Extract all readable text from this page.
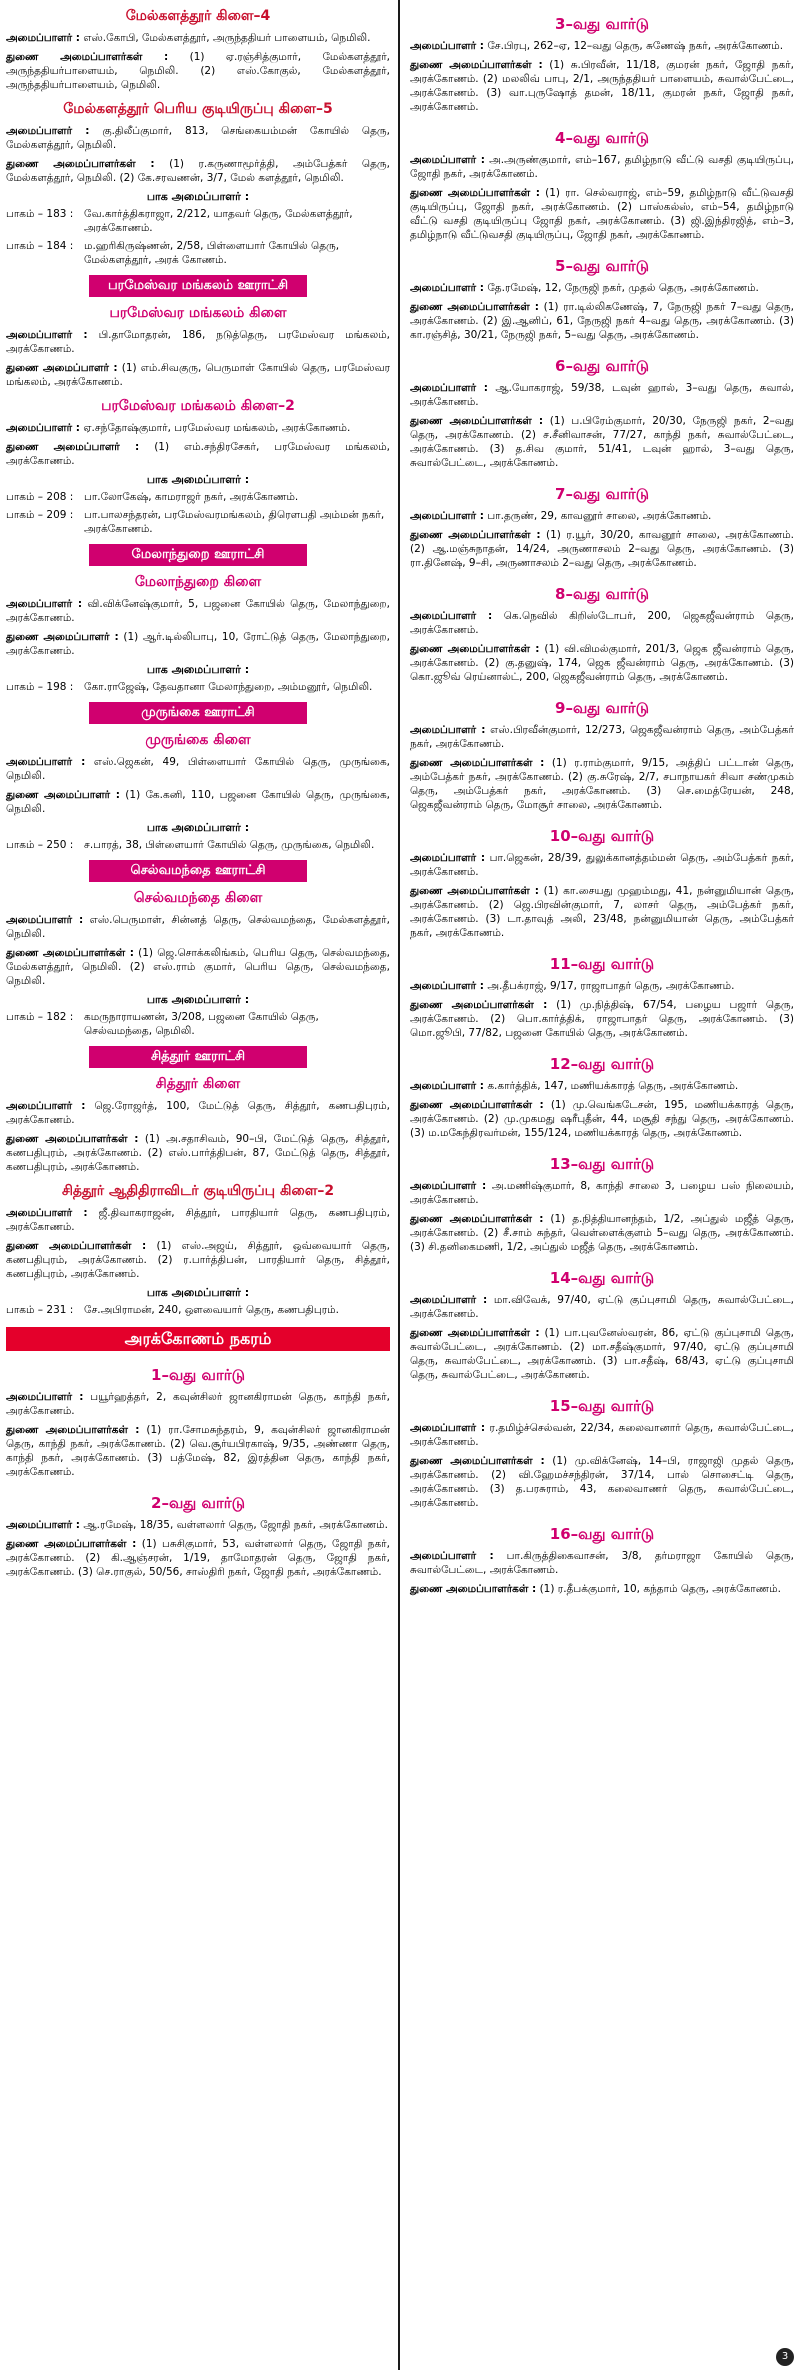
மேல்களத்தூர் கிளை–4
அமைப்பாளர் : எஸ்.கோபி, மேல்களத்தூர், அருந்ததியர் பாளையம், நெமிலி.
துணை அமைப்பாளர்கள் : (1) ஏ.ரஞ்சித்குமார், மேல்களத்தூர், அருந்ததியர்பாளையம், நெமிலி. (2) எஸ்.கோகுல், மேல்களத்தூர், அருந்ததியர்பாளையம், நெமிலி.
மேல்களத்தூர் பெரிய குடியிருப்பு கிளை–5
அமைப்பாளர் : கு.திலீப்குமார், 813, செங்கையம்மன் கோயில் தெரு, மேல்களத்தூர், நெமிலி.
துணை அமைப்பாளர்கள் : (1) ர.கருணாமூர்த்தி, அம்பேத்கர் தெரு, மேல்களத்தூர், நெமிலி. (2) கே.சரவணன், 3/7, மேல் களத்தூர், நெமிலி.
பாக அமைப்பாளர் :
பாகம் – 183 :	வே.கார்த்திகராஜா, 2/212, யாதவர் தெரு, மேல்களத்தூர், அரக்கோணம்.
பாகம் – 184 :	ம.ஹரிகிருஷ்ணன், 2/58, பிள்ளையார் கோயில் தெரு, மேல்களத்தூர், அரக் கோணம்.
பரமேஸ்வர மங்கலம் ஊராட்சி
பரமேஸ்வர மங்கலம் கிளை
அமைப்பாளர் : பி.தாமோதரன், 186, நடுத்தெரு, பரமேஸ்வர மங்கலம், அரக்கோணம்.
துணை அமைப்பாளர் : (1) எம்.சிவகுரு, பெருமாள் கோயில் தெரு, பரமேஸ்வர மங்கலம், அரக்கோணம்.
பரமேஸ்வர மங்கலம் கிளை–2
அமைப்பாளர் : ஏ.சந்தோஷ்குமார், பரமேஸ்வர மங்கலம், அரக்கோணம்.
துணை அமைப்பாளர் : (1) எம்.சந்திரசேகர், பரமேஸ்வர மங்கலம், அரக்கோணம்.
பாக அமைப்பாளர் :
பாகம் – 208 :	பா.லோகேஷ், காமராஜர் நகர், அரக்கோணம்.
பாகம் – 209 :	பா.பாலசந்தரன், பரமேஸ்வரமங்கலம், திரௌபதி அம்மன் நகர், அரக்கோணம்.
மேலாந்துறை ஊராட்சி
மேலாந்துறை கிளை
அமைப்பாளர் : வி.விக்னேஷ்குமார், 5, பஜனை கோயில் தெரு, மேலாந்துறை, அரக்கோணம்.
துணை அமைப்பாளர் : (1) ஆர்.டில்லிபாபு, 10, ரோட்டுத் தெரு, மேலாந்துறை, அரக்கோணம்.
பாக அமைப்பாளர் :
பாகம் – 198 :	கோ.ராஜேஷ், தேவதானா மேலாந்துறை, அம்மனூர், நெமிலி.
முருங்கை ஊராட்சி
முருங்கை கிளை
அமைப்பாளர் : எஸ்.ஜெகன், 49, பிள்ளையார் கோயில் தெரு, முருங்கை, நெமிலி.
துணை அமைப்பாளர் : (1) கே.கனி, 110, பஜனை கோயில் தெரு, முருங்கை, நெமிலி.
பாக அமைப்பாளர் :
பாகம் – 250 :	ச.பாரத், 38, பிள்ளையார் கோயில் தெரு, முருங்கை, நெமிலி.
செல்வமந்தை ஊராட்சி
செல்வமந்தை கிளை
அமைப்பாளர் : எஸ்.பெருமாள், சின்னத் தெரு, செல்வமந்தை, மேல்களத்தூர், நெமிலி.
துணை அமைப்பாளர்கள் : (1) ஜெ.சொக்கலிங்கம், பெரிய தெரு, செல்வமந்தை, மேல்களத்தூர், நெமிலி. (2) எஸ்.ராம் குமார், பெரிய தெரு, செல்வமந்தை, நெமிலி.
பாக அமைப்பாளர் :
பாகம் – 182 :	கமருநாராயணன், 3/208, பஜனை கோயில் தெரு, செல்வமந்தை, நெமிலி.
சித்தூர் ஊராட்சி
சித்தூர் கிளை
அமைப்பாளர் : ஜெ.ரோஜர்த், 100, மேட்டுத் தெரு, சித்தூர், கணபதிபுரம், அரக்கோணம்.
துணை அமைப்பாளர்கள் : (1) அ.சதாசிவம், 90–பி, மேட்டுத் தெரு, சித்தூர், கணபதிபுரம், அரக்கோணம். (2) எஸ்.பார்த்திபன், 87, மேட்டுத் தெரு, சித்தூர், கணபதிபுரம், அரக்கோணம்.
சித்தூர் ஆதிதிராவிடர் குடியிருப்பு கிளை–2
அமைப்பாளர் : ஜீ.திவாகராஜன், சித்தூர், பாரதியார் தெரு, கணபதிபுரம், அரக்கோணம்.
துணை அமைப்பாளர்கள் : (1) எஸ்.அஜய், சித்தூர், ஒவ்வையார் தெரு, கணபதிபுரம், அரக்கோணம். (2) ர.பார்த்திபன், பாரதியார் தெரு, சித்தூர், கணபதிபுரம், அரக்கோணம்.
பாக அமைப்பாளர் :
பாகம் – 231 :	சே.அபிராமன், 240, ஔவையார் தெரு, கணபதிபுரம்.
அரக்கோணம் நகரம்
1–வது வார்டு
அமைப்பாளர் : பயூர்ஹத்தர், 2, கவுன்சிலர் ஜானகிராமன் தெரு, காந்தி நகர், அரக்கோணம்.
துணை அமைப்பாளர்கள் : (1) ரா.சோமசுந்தரம், 9, கவுன்சிலர் ஜானகிராமன் தெரு, காந்தி நகர், அரக்கோணம். (2) வெ.சூர்யபிரகாஷ், 9/35, அண்ணா தெரு, காந்தி நகர், அரக்கோணம். (3) பத்மேஷ், 82, இரத்தின தெரு, காந்தி நகர், அரக்கோணம்.
2–வது வார்டு
அமைப்பாளர் : ஆ.ரமேஷ், 18/35, வள்ளலார் தெரு, ஜோதி நகர், அரக்கோணம்.
துணை அமைப்பாளர்கள் : (1) பசுசிகுமார், 53, வள்ளலார் தெரு, ஜோதி நகர், அரக்கோணம். (2) கி.ஆஞ்சரன், 1/19, தாமோதரன் தெரு, ஜோதி நகர், அரக்கோணம். (3) செ.ராகுல், 50/56, சாஸ்திரி நகர், ஜோதி நகர், அரக்கோணம்.
3–வது வார்டு
அமைப்பாளர் : சே.பிரபு, 262–ஏ, 12–வது தெரு, சுணேஷ் நகர், அரக்கோணம்.
துணை அமைப்பாளர்கள் : (1) சு.பிரவீன், 11/18, குமரன் நகர், ஜோதி நகர், அரக்கோணம். (2) மலலிவ் பாபு, 2/1, அருந்ததியர் பாளையம், சுவால்பேட்டை, அரக்கோணம். (3) வா.புருஷோத் தமன், 18/11, குமரன் நகர், ஜோதி நகர், அரக்கோணம்.
4–வது வார்டு
அமைப்பாளர் : அ.அருண்குமார், எம்–167, தமிழ்நாடு வீட்டு வசதி குடியிருப்பு, ஜோதி நகர், அரக்கோணம்.
துணை அமைப்பாளர்கள் : (1) ரா. செல்வராஜ், எம்–59, தமிழ்நாடு வீட்டுவசதி குடியிருப்பு, ஜோதி நகர், அரக்கோணம். (2) பாஸ்கல்ஸ், எம்–54, தமிழ்நாடு வீட்டு வசதி குடியிருப்பு ஜோதி நகர், அரக்கோணம். (3) ஜி.இந்திரஜித், எம்–3, தமிழ்நாடு வீட்டுவசதி குடியிருப்பு, ஜோதி நகர், அரக்கோணம்.
5–வது வார்டு
அமைப்பாளர் : தே.ரமேஷ், 12, நேருஜி நகர், முதல் தெரு, அரக்கோணம்.
துணை அமைப்பாளர்கள் : (1) ரா.டில்லிகணேஷ், 7, நேருஜி நகர் 7–வது தெரு, அரக்கோணம். (2) இ.ஆனிப், 61, நேருஜி நகர் 4–வது தெரு, அரக்கோணம். (3) கா.ரஞ்சித், 30/21, நேருஜி நகர், 5–வது தெரு, அரக்கோணம்.
6–வது வார்டு
அமைப்பாளர் : ஆ.யோகராஜ், 59/38, டவுன் ஹால், 3–வது தெரு, சுவால், அரக்கோணம்.
துணை அமைப்பாளர்கள் : (1) ப.பிரேம்குமார், 20/30, நேருஜி நகர், 2–வது தெரு, அரக்கோணம். (2) ச.சீனிவாசன், 77/27, காந்தி நகர், சுவால்பேட்டை, அரக்கோணம். (3) த.சிவ குமார், 51/41, டவுன் ஹால், 3–வது தெரு, சுவால்பேட்டை, அரக்கோணம்.
7–வது வார்டு
அமைப்பாளர் : பா.தருண், 29, காவனூர் சாலை, அரக்கோணம்.
துணை அமைப்பாளர்கள் : (1) ர.யூர், 30/20, காவனூர் சாலை, அரக்கோணம். (2) ஆ.மஞ்சுநாதன், 14/24, அருணாசலம் 2–வது தெரு, அரக்கோணம். (3) ரா.தினேஷ், 9–சி, அருணாசலம் 2–வது தெரு, அரக்கோணம்.
8–வது வார்டு
அமைப்பாளர் : கெ.நெவில் கிறிஸ்டோபர், 200, ஜெகஜீவன்ராம் தெரு, அரக்கோணம்.
துணை அமைப்பாளர்கள் : (1) வி.விமல்குமார், 201/3, ஜெக ஜீவன்ராம் தெரு, அரக்கோணம். (2) கு.தனுஷ், 174, ஜெக ஜீவன்ராம் தெரு, அரக்கோணம். (3) கொ.ஜூவ் ரெய்னால்ட், 200, ஜெகஜீவன்ராம் தெரு, அரக்கோணம்.
9–வது வார்டு
அமைப்பாளர் : எஸ்.பிரவீன்குமார், 12/273, ஜெகஜீவன்ராம் தெரு, அம்பேத்கர் நகர், அரக்கோணம்.
துணை அமைப்பாளர்கள் : (1) ர.ராம்குமார், 9/15, அத்திப் பட்டான் தெரு, அம்பேத்கர் நகர், அரக்கோணம். (2) கு.சுரேஷ், 2/7, சபாநாயகர் சிவா சண்முகம் தெரு, அம்பேத்கர் நகர், அரக்கோணம். (3) செ.மைத்ரேயன், 248, ஜெகஜீவன்ராம் தெரு, மோசூர் சாலை, அரக்கோணம்.
10–வது வார்டு
அமைப்பாளர் : பா.ஜெகன், 28/39, துலுக்கானத்தம்மன் தெரு, அம்பேத்கர் நகர், அரக்கோணம்.
துணை அமைப்பாளர்கள் : (1) கா.சையது முஹம்மது, 41, நன்னுமியான் தெரு, அரக்கோணம். (2) ஜெ.பிரவின்குமார், 7, லாசர் தெரு, அம்பேத்கர் நகர், அரக்கோணம். (3) டா.தாவுத் அலி, 23/48, நன்னுமியான் தெரு, அம்பேத்கர் நகர், அரக்கோணம்.
11–வது வார்டு
அமைப்பாளர் : அ.தீபக்ராஜ், 9/17, ராஜாபாதர் தெரு, அரக்கோணம்.
துணை அமைப்பாளர்கள் : (1) மு.நித்திஷ், 67/54, பழைய பஜார் தெரு, அரக்கோணம். (2) பொ.கார்த்திக், ராஜாபாதர் தெரு, அரக்கோணம். (3) மொ.ஜூபி, 77/82, பஜனை கோயில் தெரு, அரக்கோணம்.
12–வது வார்டு
அமைப்பாளர் : க.கார்த்திக், 147, மணியக்காரத் தெரு, அரக்கோணம்.
துணை அமைப்பாளர்கள் : (1) மு.வெங்கடேசன், 195, மணியக்காரத் தெரு, அரக்கோணம். (2) மு.முகமது ஷரீபுதீன், 44, மசூதி சந்து தெரு, அரக்கோணம். (3) ம.மகேந்திரவர்மன், 155/124, மணியக்காரத் தெரு, அரக்கோணம்.
13–வது வார்டு
அமைப்பாளர் : அ.மணிஷ்குமார், 8, காந்தி சாலை 3, பழைய பஸ் நிலையம், அரக்கோணம்.
துணை அமைப்பாளர்கள் : (1) த.நித்தியானந்தம், 1/2, அப்துல் மஜீத் தெரு, அரக்கோணம். (2) சீ.சாம் சுந்தர், வெள்ளைக்குளம் 5–வது தெரு, அரக்கோணம். (3) சி.தனிகைமணி, 1/2, அப்துல் மஜீத் தெரு, அரக்கோணம்.
14–வது வார்டு
அமைப்பாளர் : மா.விவேக், 97/40, ஏட்டு குப்புசாமி தெரு, சுவால்பேட்டை, அரக்கோணம்.
துணை அமைப்பாளர்கள் : (1) பா.புவனேஸ்வரன், 86, ஏட்டு குப்புசாமி தெரு, சுவால்பேட்டை, அரக்கோணம். (2) மா.சதீஷ்குமார், 97/40, ஏட்டு குப்புசாமி தெரு, சுவால்பேட்டை, அரக்கோணம். (3) பா.சதீஷ், 68/43, ஏட்டு குப்புசாமி தெரு, சுவால்பேட்டை, அரக்கோணம்.
15–வது வார்டு
அமைப்பாளர் : ர.தமிழ்ச்செல்வன், 22/34, சுலைவானார் தெரு, சுவால்பேட்டை, அரக்கோணம்.
துணை அமைப்பாளர்கள் : (1) மு.விக்னேஷ், 14–பி, ராஜாஜி முதல் தெரு, அரக்கோணம். (2) வி.ஹேமச்சந்திரன், 37/14, பால் சொசைட்டி தெரு, அரக்கோணம். (3) த.பரசுராம், 43, கலைவாணர் தெரு, சுவால்பேட்டை, அரக்கோணம்.
16–வது வார்டு
அமைப்பாளர் : பா.கிருத்திகைவாசன், 3/8, தர்மராஜா கோயில் தெரு, சுவால்பேட்டை, அரக்கோணம்.
துணை அமைப்பாளர்கள் : (1) ர.தீபக்குமார், 10, கந்தாம் தெரு, அரக்கோணம்.
3
